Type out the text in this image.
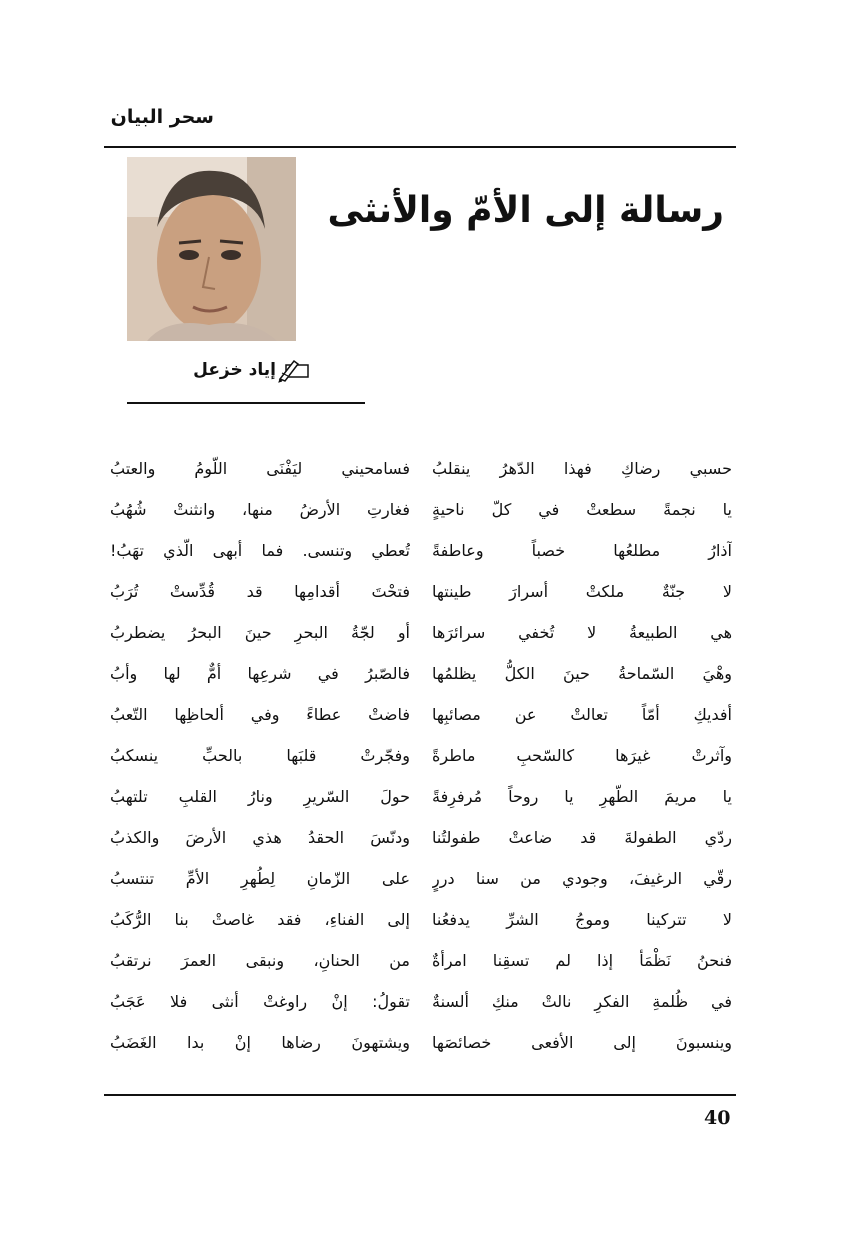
سحر البيان
رسالة إلى الأمّ والأنثى
إياد خزعل
حسبي رضاكِ فهذا الدّهرُ ينقلبُ
فسامحيني ليَفْنَى اللّومُ والعتبُ
يا نجمةً سطعتْ في كلّ ناحيةٍ
فغارتِ الأرضُ منها، وانثنتْ شُهُبُ
آذارُ مطلعُها خصباً وعاطفةً
تُعطي وتنسى. فما أبهى الّذي تهَبُ!
لا جنّةٌ ملكتْ أسرارَ طينتها
فتحْتَ أقدامِها قد قُدِّستْ تُرَبُ
هي الطبيعةُ لا تُخفي سرائرَها
أو لجّةُ البحرِ حينَ البحرُ يضطربُ
وهْيَ السّماحةُ حينَ الكلُّ يظلمُها
فالصّبرُ في شرعِها أمٌّ لها وأبُ
أفديكِ أمّاً تعالتْ عن مصائبِها
فاضتْ عطاءً وفي ألحاظِها التّعبُ
وآثرتْ غيرَها كالسّحبِ ماطرةً
وفجّرتْ قلبَها بالحبِّ ينسكبُ
يا مريمَ الطّهرِ يا روحاً مُرفرِفةً
حولَ السّريرِ ونارُ القلبِ تلتهبُ
ردّي الطفولةَ قد ضاعتْ طفولتُنا
ودنّسَ الحقدُ هذي الأرضَ والكذبُ
رقّي الرغيفَ، وجودي من سنا دررٍ
على الزّمانِ لِطُهرِ الأمِّ تنتسبُ
لا تتركينا وموجُ الشرِّ يدفعُنا
إلى الفناءِ، فقد غاصتْ بنا الرُّكَبُ
فنحنُ نَظْمَأ إذا لم تسقِنا امرأةٌ
من الحنانِ، ونبقى العمرَ نرتقبُ
في ظُلمةِ الفكرِ نالتْ منكِ ألسنةٌ
تقولُ: إنْ راوغتْ أنثى فلا عَجَبُ
وينسبونَ إلى الأفعى خصائصَها
ويشتهونَ رضاها إنْ بدا الغَضَبُ
40
